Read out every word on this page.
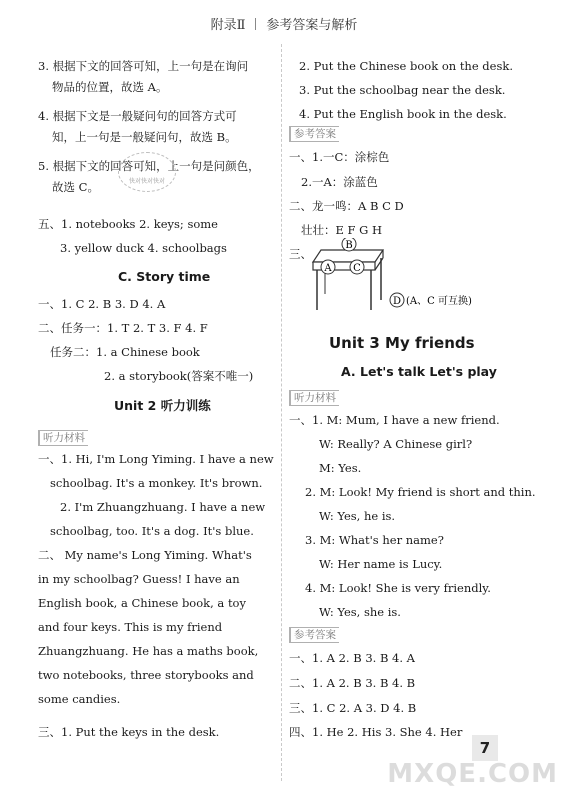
附录Ⅱ 参考答案与解析
3. 根据下文的回答可知，上一句是在询问
物品的位置，故选 A。
4. 根据下文是一般疑问句的回答方式可
知，上一句是一般疑问句，故选 B。
5. 根据下文的回答可知，上一句是问颜色，
故选 C。
五、1. notebooks 2. keys; some
3. yellow duck 4. schoolbags
C. Story time
一、1. C 2. B 3. D 4. A
二、任务一：1. T 2. T 3. F 4. F
任务二：1. a Chinese book
2. a storybook(答案不唯一)
Unit 2 听力训练
听力材料
一、1. Hi, I'm Long Yiming. I have a new
schoolbag. It's a monkey. It's brown.
2. I'm Zhuangzhuang. I have a new
schoolbag, too. It's a dog. It's blue.
二、 My name's Long Yiming. What's
in my schoolbag? Guess! I have an
English book, a Chinese book, a toy
and four keys. This is my friend
Zhuangzhuang. He has a maths book,
two notebooks, three storybooks and
some candies.
三、1. Put the keys in the desk.
快对快对快对
2. Put the Chinese book on the desk.
3. Put the schoolbag near the desk.
4. Put the English book in the desk.
参考答案
一、1.一C：涂棕色
2.一A：涂蓝色
二、龙一鸣：A B C D
壮壮：E F G H
三、
B
A C
D (A、C 可互换)
Unit 3 My friends
A. Let's talk Let's play
听力材料
一、1. M: Mum, I have a new friend.
W: Really? A Chinese girl?
M: Yes.
2. M: Look! My friend is short and thin.
W: Yes, he is.
3. M: What's her name?
W: Her name is Lucy.
4. M: Look! She is very friendly.
W: Yes, she is.
参考答案
一、1. A 2. B 3. B 4. A
二、1. A 2. B 3. B 4. B
三、1. C 2. A 3. D 4. B
四、1. He 2. His 3. She 4. Her
7
MXQE.COM
